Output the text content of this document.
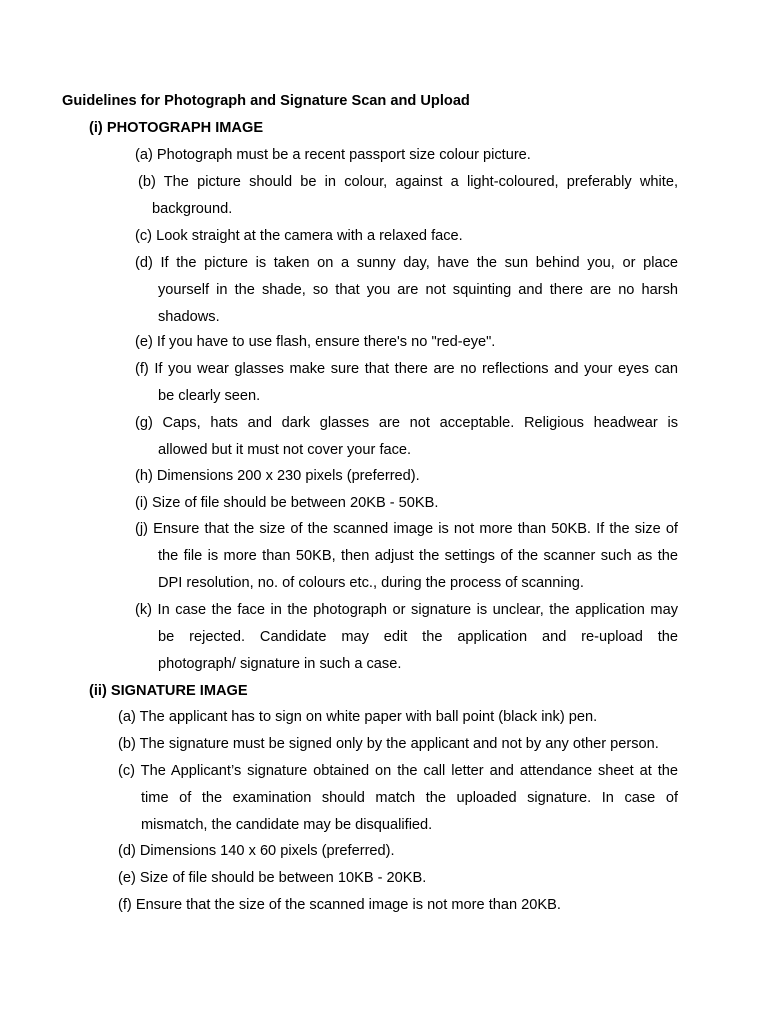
Guidelines for Photograph and Signature Scan and Upload
(i) PHOTOGRAPH IMAGE
(a) Photograph must be a recent passport size colour picture.
(b) The picture should be in colour, against a light-coloured, preferably white,
background.
(c) Look straight at the camera with a relaxed face.
(d) If the picture is taken on a sunny day, have the sun behind you, or place
yourself in the shade, so that you are not squinting and there are no harsh
shadows.
(e) If you have to use flash, ensure there's no "red-eye".
(f) If you wear glasses make sure that there are no reflections and your eyes can
be clearly seen.
(g) Caps, hats and dark glasses are not acceptable. Religious headwear is
allowed but it must not cover your face.
(h) Dimensions 200 x 230 pixels (preferred).
(i) Size of file should be between 20KB - 50KB.
(j) Ensure that the size of the scanned image is not more than 50KB. If the size of
the file is more than 50KB, then adjust the settings of the scanner such as the
DPI resolution, no. of colours etc., during the process of scanning.
(k) In case the face in the photograph or signature is unclear, the application may
be rejected. Candidate may edit the application and re-upload the
photograph/ signature in such a case.
(ii) SIGNATURE IMAGE
(a) The applicant has to sign on white paper with ball point (black ink) pen.
(b) The signature must be signed only by the applicant and not by any other person.
(c) The Applicant’s signature obtained on the call letter and attendance sheet at the
time of the examination should match the uploaded signature. In case of
mismatch, the candidate may be disqualified.
(d) Dimensions 140 x 60 pixels (preferred).
(e) Size of file should be between 10KB - 20KB.
(f) Ensure that the size of the scanned image is not more than 20KB.
